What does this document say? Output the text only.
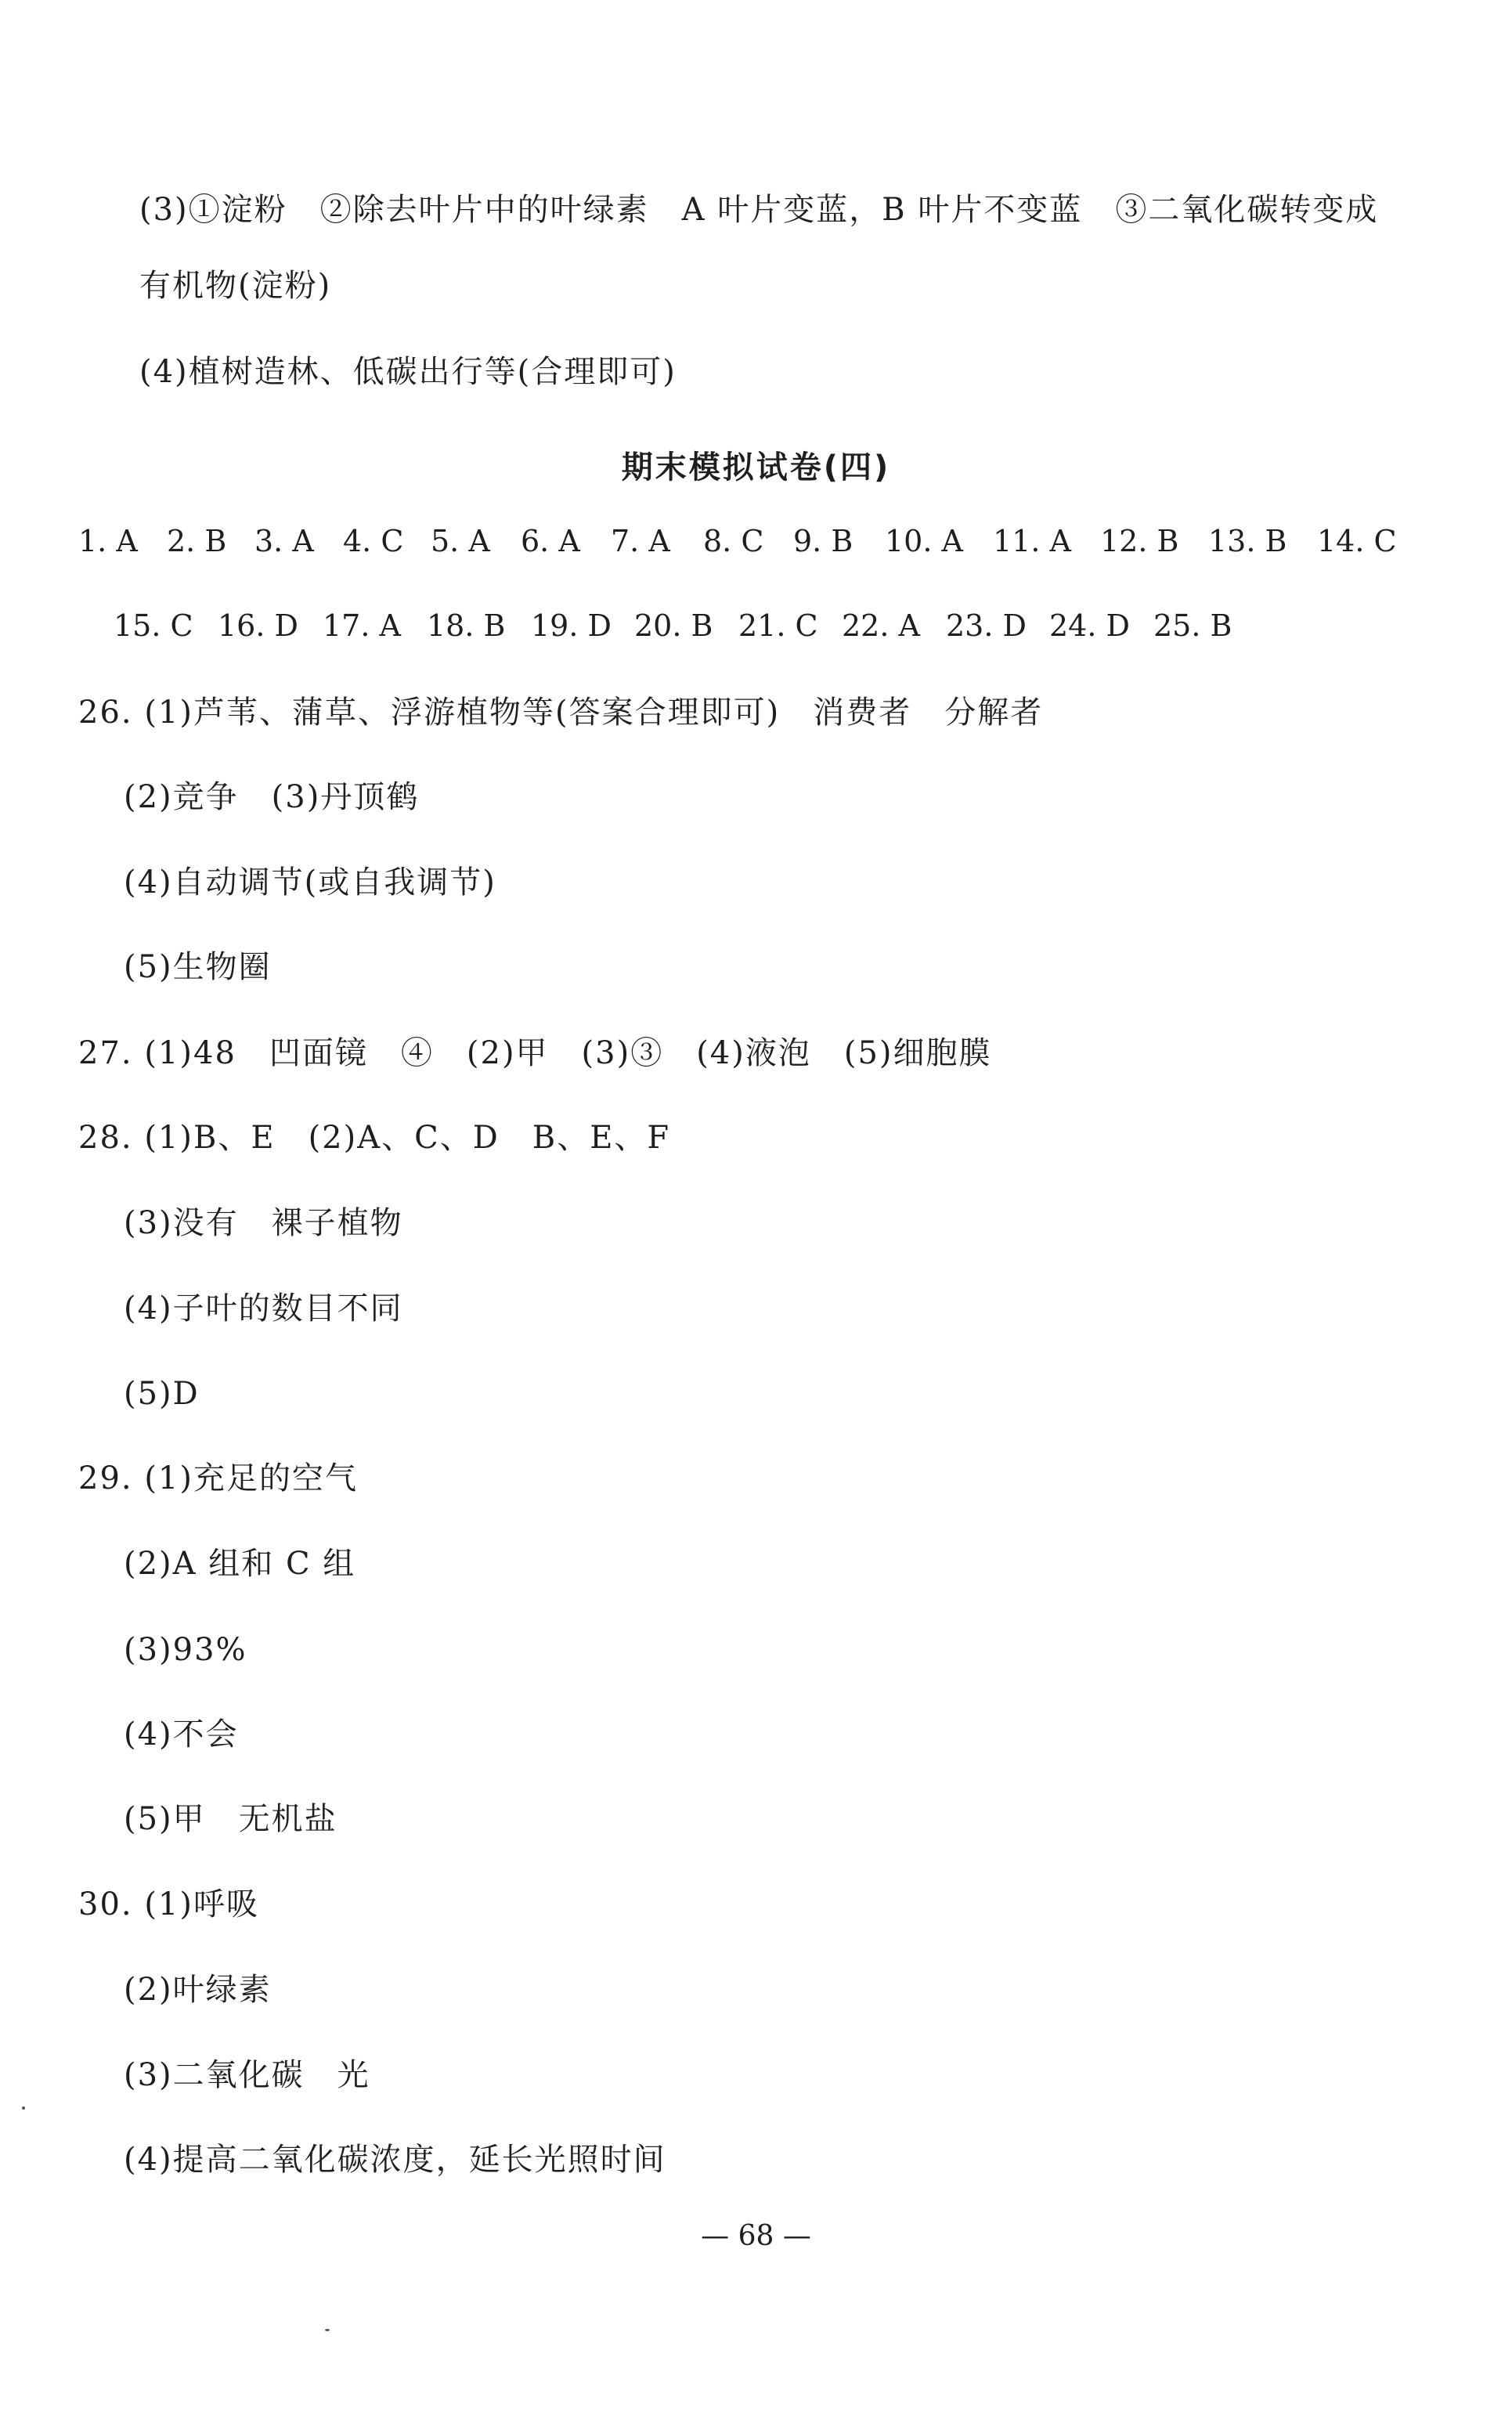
(3)①淀粉　②除去叶片中的叶绿素　A 叶片变蓝，B 叶片不变蓝　③二氧化碳转变成
有机物(淀粉)
(4)植树造林、低碳出行等(合理即可)
期末模拟试卷(四)
1. A 2. B 3. A 4. C 5. A 6. A 7. A 8. C 9. B 10. A 11. A 12. B 13. B 14. C
15. C 16. D 17. A 18. B 19. D 20. B 21. C 22. A 23. D 24. D 25. B
26. (1)芦苇、蒲草、浮游植物等(答案合理即可)　消费者　分解者
(2)竞争　(3)丹顶鹤
(4)自动调节(或自我调节)
(5)生物圈
27. (1)48　凹面镜　④　(2)甲　(3)③　(4)液泡　(5)细胞膜
28. (1)B、E　(2)A、C、D　B、E、F
(3)没有　裸子植物
(4)子叶的数目不同
(5)D
29. (1)充足的空气
(2)A 组和 C 组
(3)93%
(4)不会
(5)甲　无机盐
30. (1)呼吸
(2)叶绿素
(3)二氧化碳　光
(4)提高二氧化碳浓度，延长光照时间
— 68 —
